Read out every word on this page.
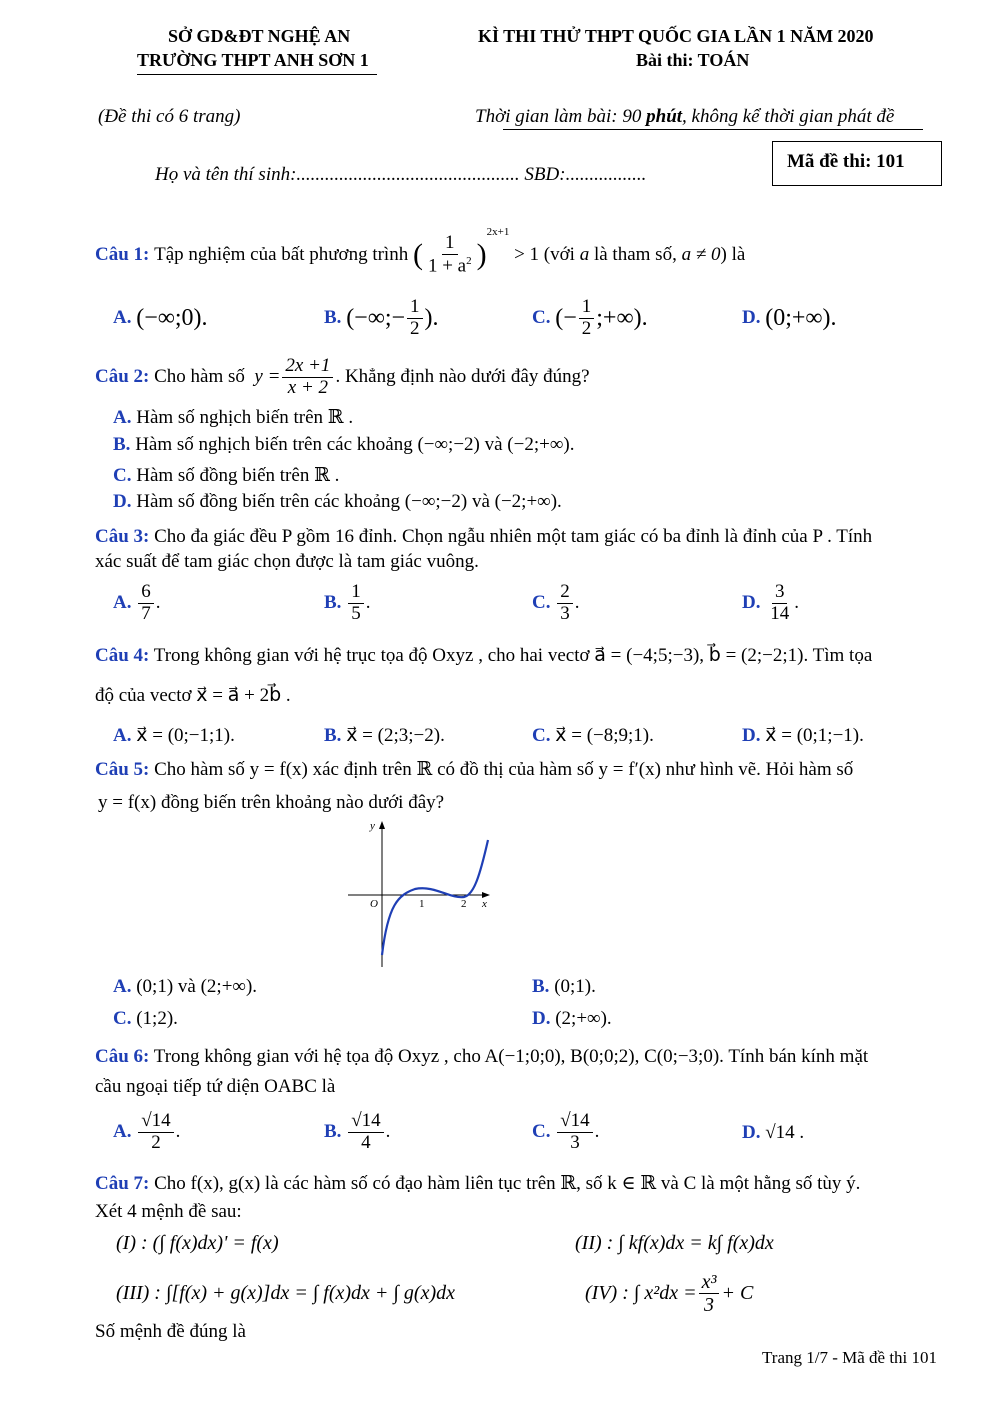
SỞ GD&ĐT NGHỆ AN
TRƯỜNG THPT ANH SƠN 1
KÌ THI THỬ THPT QUỐC GIA LẦN 1 NĂM 2020
Bài thi: TOÁN
(Đề thi có 6 trang)	Thời gian làm bài: 90 phút, không kể thời gian phát đề
Họ và tên thí sinh:............................................... SBD:.................
Mã đề thi: 101
Câu 1:
Tập nghiệm của bất phương trình
( $\frac{1}{1 + a^2}$ )
2x+1

> 1 (với
a
là tham số,
a ≠ 0 ) là
A.
(−∞;0).	B.
(−∞;− $\frac{1}{2}$ ).	C.
(− $\frac{1}{2}$ ;+∞).	D.
(0;+∞).
Câu 2:
Cho hàm số
$y = \frac{2x +1}{x + 2}$ . Khẳng định nào dưới đây đúng?
A. Hàm số nghịch biến trên ℝ .
B. Hàm số nghịch biến trên các khoảng (−∞;−2) và (−2;+∞).
C. Hàm số đồng biến trên ℝ .
D. Hàm số đồng biến trên các khoảng (−∞;−2) và (−2;+∞).
Câu 3: Cho đa giác đều P gồm 16 đỉnh. Chọn ngẫu nhiên một tam giác có ba đỉnh là đỉnh của P . Tính
xác suất để tam giác chọn được là tam giác vuông.
A.
$\frac{6}{7}$ .	B.
$\frac{1}{5}$ .	C.
$\frac{2}{3}$ .	D.
$\frac{3}{14}$ .
Câu 4: Trong không gian với hệ trục tọa độ Oxyz , cho hai vectơ a⃗ = (−4;5;−3), b⃗ = (2;−2;1). Tìm tọa
độ của vectơ x⃗ = a⃗ + 2b⃗ .
A. x⃗ = (0;−1;1).	B. x⃗ = (2;3;−2).	C. x⃗ = (−8;9;1).	D. x⃗ = (0;1;−1).
Câu 5: Cho hàm số y = f(x) xác định trên ℝ có đồ thị của hàm số y = f′(x) như hình vẽ. Hỏi hàm số
y = f(x) đồng biến trên khoảng nào dưới đây?
y
x
O	1	2
A. (0;1) và (2;+∞).	B. (0;1).
C. (1;2).	D. (2;+∞).
Câu 6: Trong không gian với hệ tọa độ Oxyz , cho A(−1;0;0), B(0;0;2), C(0;−3;0). Tính bán kính mặt
cầu ngoại tiếp tứ diện OABC là
A.
$\frac{√14}{2}$ .	B.
$\frac{√14}{4}$ .	C.
$\frac{√14}{3}$ .	D. √14 .
Câu 7: Cho f(x), g(x) là các hàm số có đạo hàm liên tục trên ℝ, số k ∈ ℝ và C là một hằng số tùy ý.
Xét 4 mệnh đề sau:
(I) : (∫ f(x)dx)' = f(x)	(II) : ∫ kf(x)dx = k∫ f(x)dx
(III) : ∫[f(x) + g(x)]dx = ∫ f(x)dx + ∫ g(x)dx	(IV) : ∫ $x^2dx = \frac{\text{x³}}{3} + C$
Số mệnh đề đúng là
Trang 1/7 - Mã đề thi 101
